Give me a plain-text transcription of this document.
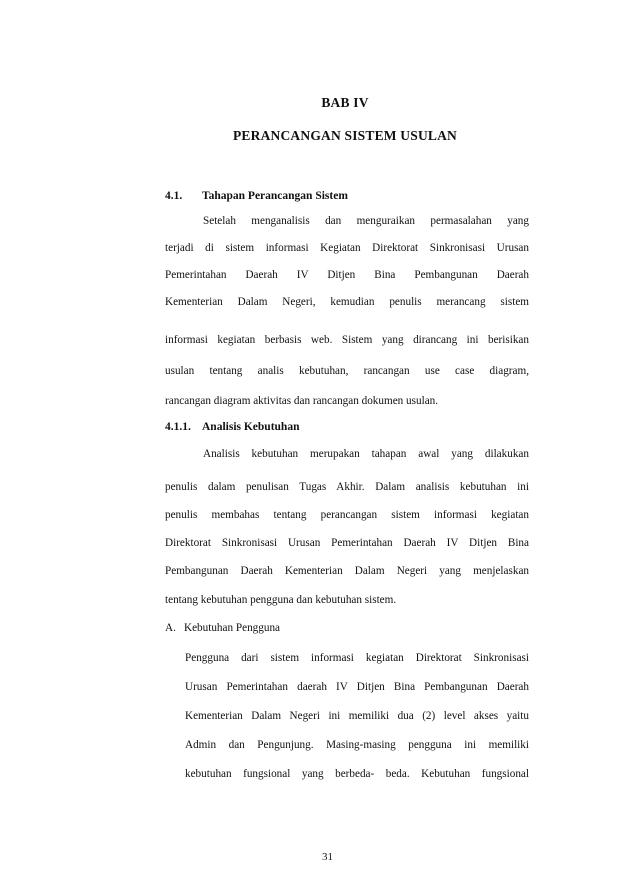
BAB IV
PERANCANGAN SISTEM USULAN
4.1. Tahapan Perancangan Sistem
Setelah menganalisis dan menguraikan permasalahan yang
terjadi di sistem informasi Kegiatan Direktorat Sinkronisasi Urusan
Pemerintahan Daerah IV Ditjen Bina Pembangunan Daerah
Kementerian Dalam Negeri, kemudian penulis merancang sistem
informasi kegiatan berbasis web. Sistem yang dirancang ini berisikan
usulan tentang analis kebutuhan, rancangan use case diagram,
rancangan diagram aktivitas dan rancangan dokumen usulan.
4.1.1. Analisis Kebutuhan
Analisis kebutuhan merupakan tahapan awal yang dilakukan
penulis dalam penulisan Tugas Akhir. Dalam analisis kebutuhan ini
penulis membahas tentang perancangan sistem informasi kegiatan
Direktorat Sinkronisasi Urusan Pemerintahan Daerah IV Ditjen Bina
Pembangunan Daerah Kementerian Dalam Negeri yang menjelaskan
tentang kebutuhan pengguna dan kebutuhan sistem.
A. Kebutuhan Pengguna
Pengguna dari sistem informasi kegiatan Direktorat Sinkronisasi
Urusan Pemerintahan daerah IV Ditjen Bina Pembangunan Daerah
Kementerian Dalam Negeri ini memiliki dua (2) level akses yaitu
Admin dan Pengunjung. Masing-masing pengguna ini memiliki
kebutuhan fungsional yang berbeda- beda. Kebutuhan fungsional
31
